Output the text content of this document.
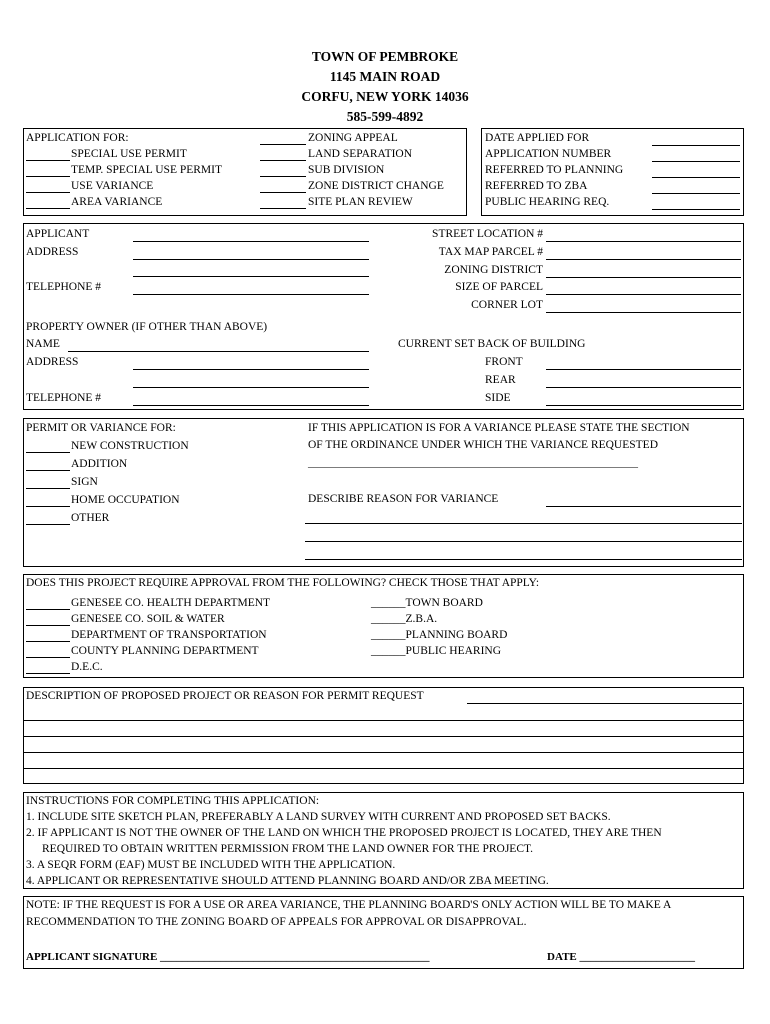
TOWN OF PEMBROKE
1145 MAIN ROAD
CORFU, NEW YORK 14036
585-599-4892
APPLICATION FOR:
SPECIAL USE PERMIT
TEMP. SPECIAL USE PERMIT
USE VARIANCE
AREA VARIANCE
ZONING APPEAL
LAND SEPARATION
SUB DIVISION
ZONE DISTRICT CHANGE
SITE PLAN REVIEW
DATE APPLIED FOR
APPLICATION NUMBER
REFERRED TO PLANNING
REFERRED TO ZBA
PUBLIC HEARING REQ.
APPLICANT
ADDRESS
TELEPHONE #
STREET LOCATION #
TAX MAP PARCEL #
ZONING DISTRICT
SIZE OF PARCEL
CORNER LOT
PROPERTY OWNER (IF OTHER THAN ABOVE)
NAME
ADDRESS
TELEPHONE #
CURRENT SET BACK OF BUILDING
FRONT
REAR
SIDE
PERMIT OR VARIANCE FOR:
NEW CONSTRUCTION
ADDITION
SIGN
HOME OCCUPATION
OTHER
IF THIS APPLICATION IS FOR A VARIANCE PLEASE STATE THE SECTION
OF THE ORDINANCE UNDER WHICH THE VARIANCE REQUESTED
____________________________________________________________
DESCRIBE REASON FOR VARIANCE
DOES THIS PROJECT REQUIRE APPROVAL FROM THE FOLLOWING? CHECK THOSE THAT APPLY:
GENESEE CO. HEALTH DEPARTMENT
GENESEE CO. SOIL & WATER
DEPARTMENT OF TRANSPORTATION
COUNTY PLANNING DEPARTMENT
D.E.C.
______TOWN BOARD
______Z.B.A.
______PLANNING BOARD
______PUBLIC HEARING
DESCRIPTION OF PROPOSED PROJECT OR REASON FOR PERMIT REQUEST
INSTRUCTIONS FOR COMPLETING THIS APPLICATION:
1. INCLUDE SITE SKETCH PLAN, PREFERABLY A LAND SURVEY WITH CURRENT AND PROPOSED SET BACKS.
2. IF APPLICANT IS NOT THE OWNER OF THE LAND ON WHICH THE PROPOSED PROJECT IS LOCATED, THEY ARE THEN
REQUIRED TO OBTAIN WRITTEN PERMISSION FROM THE LAND OWNER FOR THE PROJECT.
3. A SEQR FORM (EAF) MUST BE INCLUDED WITH THE APPLICATION.
4. APPLICANT OR REPRESENTATIVE SHOULD ATTEND PLANNING BOARD AND/OR ZBA MEETING.
NOTE: IF THE REQUEST IS FOR A USE OR AREA VARIANCE, THE PLANNING BOARD'S ONLY ACTION WILL BE TO MAKE A
RECOMMENDATION TO THE ZONING BOARD OF APPEALS FOR APPROVAL OR DISAPPROVAL.
APPLICANT SIGNATURE _________________________________________________	DATE _____________________
